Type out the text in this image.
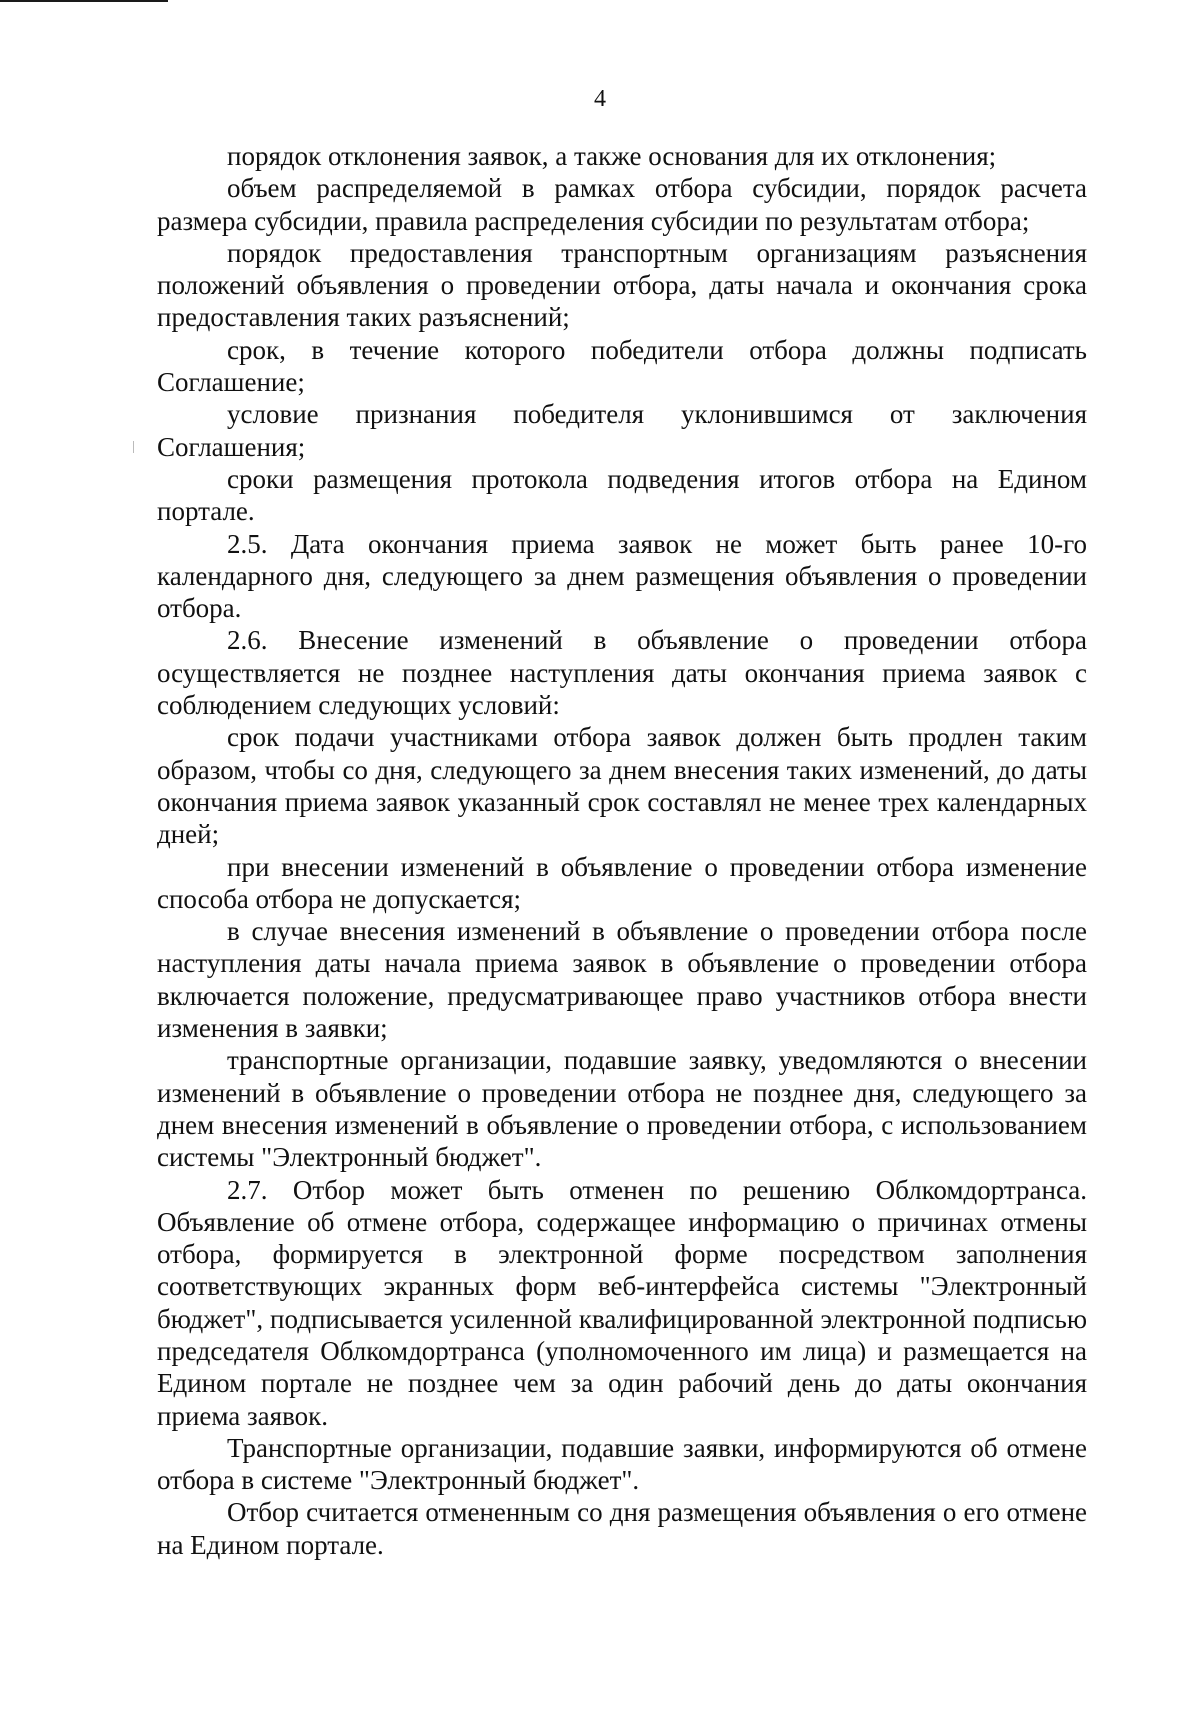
4

порядок отклонения заявок, а также основания для их отклонения;

объем распределяемой в рамках отбора субсидии, порядок расчета размера субсидии, правила распределения субсидии по результатам отбора;

порядок предоставления транспортным организациям разъяснения положений объявления о проведении отбора, даты начала и окончания срока предоставления таких разъяснений;

срок, в течение которого победители отбора должны подписать Соглашение;

условие признания победителя уклонившимся от заключения Соглашения;

сроки размещения протокола подведения итогов отбора на Едином портале.

2.5. Дата окончания приема заявок не может быть ранее 10-го календарного дня, следующего за днем размещения объявления о проведении отбора.

2.6. Внесение изменений в объявление о проведении отбора осуществляется не позднее наступления даты окончания приема заявок с соблюдением следующих условий:

срок подачи участниками отбора заявок должен быть продлен таким образом, чтобы со дня, следующего за днем внесения таких изменений, до даты окончания приема заявок указанный срок составлял не менее трех календарных дней;

при внесении изменений в объявление о проведении отбора изменение способа отбора не допускается;

в случае внесения изменений в объявление о проведении отбора после наступления даты начала приема заявок в объявление о проведении отбора включается положение, предусматривающее право участников отбора внести изменения в заявки;

транспортные организации, подавшие заявку, уведомляются о внесении изменений в объявление о проведении отбора не позднее дня, следующего за днем внесения изменений в объявление о проведении отбора, с использованием системы "Электронный бюджет".

2.7. Отбор может быть отменен по решению Облкомдортранса. Объявление об отмене отбора, содержащее информацию о причинах отмены отбора, формируется в электронной форме посредством заполнения соответствующих экранных форм веб-интерфейса системы "Электронный бюджет", подписывается усиленной квалифицированной электронной подписью председателя Облкомдортранса (уполномоченного им лица) и размещается на Едином портале не позднее чем за один рабочий день до даты окончания приема заявок.

Транспортные организации, подавшие заявки, информируются об отмене отбора в системе "Электронный бюджет".

Отбор считается отмененным со дня размещения объявления о его отмене на Едином портале.
